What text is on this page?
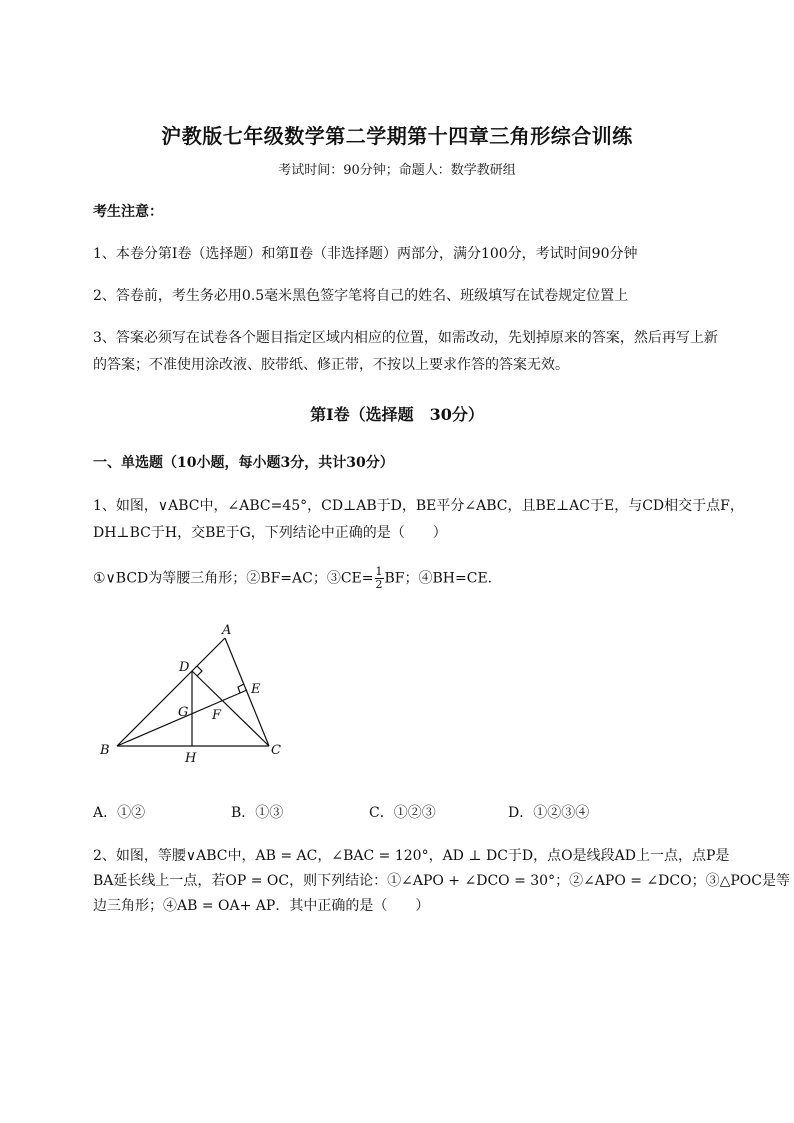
沪教版七年级数学第二学期第十四章三角形综合训练
考试时间：90分钟；命题人：数学教研组
考生注意：
1、本卷分第I卷（选择题）和第Ⅱ卷（非选择题）两部分，满分100分，考试时间90分钟
2、答卷前，考生务必用0.5毫米黑色签字笔将自己的姓名、班级填写在试卷规定位置上
3、答案必须写在试卷各个题目指定区域内相应的位置，如需改动，先划掉原来的答案，然后再写上新
的答案；不准使用涂改液、胶带纸、修正带，不按以上要求作答的答案无效。
第I卷（选择题　30分）
一、单选题（10小题，每小题3分，共计30分）
1、如图，∨ABC中，∠ABC=45°，CD⊥AB于D，BE平分∠ABC，且BE⊥AC于E，与CD相交于点F，
DH⊥BC于H，交BE于G，下列结论中正确的是（　　）
①∨BCD为等腰三角形；②BF=AC；③CE= $\frac{1}{2}$ BF；④BH=CE．
A
B	C
D
E
F
G
H
A．①②	B．①③	C．①②③	D．①②③④
2、如图，等腰∨ABC中，AB = AC，∠BAC = 120°，AD ⊥ DC于D，点O是线段AD上一点，点P是
BA延长线上一点，若OP = OC，则下列结论：①∠APO + ∠DCO = 30°；②∠APO = ∠DCO；③△POC是等
边三角形；④AB = OA+ AP．其中正确的是（　　）
